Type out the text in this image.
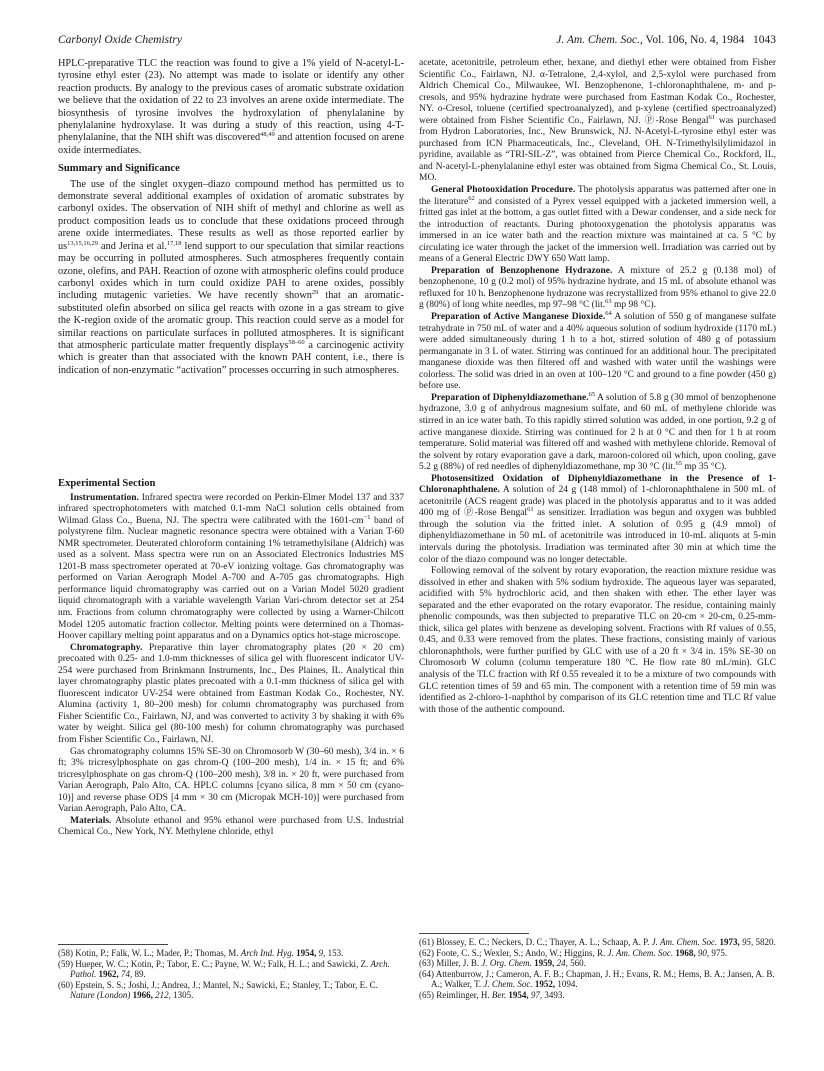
Carbonyl Oxide Chemistry	J. Am. Chem. Soc., Vol. 106, No. 4, 1984 1043

HPLC-preparative TLC the reaction was found to give a 1% yield of N-acetyl-L-tyrosine ethyl ester (23). No attempt was made to isolate or identify any other reaction products. By analogy to the previous cases of aromatic substrate oxidation we believe that the oxidation of 22 to 23 involves an arene oxide intermediate. The biosynthesis of tyrosine involves the hydroxylation of phenylalanine by phenylalanine hydroxylase. It was during a study of this reaction, using 4-T-phenylalanine, that the NIH shift was discovered$^{48,49}$ and attention focused on arene oxide intermediates.

Summary and Significance

The use of the singlet oxygen–diazo compound method has permitted us to demonstrate several additional examples of oxidation of aromatic substrates by carbonyl oxides. The observation of NIH shift of methyl and chlorine as well as product composition leads us to conclude that these oxidations proceed through arene oxide intermediates. These results as well as those reported earlier by us$^{13,15,16,29}$ and Jerina et al.$^{17,18}$ lend support to our speculation that similar reactions may be occurring in polluted atmospheres. Such atmospheres frequently contain ozone, olefins, and PAH. Reaction of ozone with atmospheric olefins could produce carbonyl oxides which in turn could oxidize PAH to arene oxides, possibly including mutagenic varieties. We have recently shown$^{29}$ that an aromatic-substituted olefin absorbed on silica gel reacts with ozone in a gas stream to give the K-region oxide of the aromatic group. This reaction could serve as a model for similar reactions on particulate surfaces in polluted atmospheres. It is significant that atmospheric particulate matter frequently displays$^{58-60}$ a carcinogenic activity which is greater than that associated with the known PAH content, i.e., there is indication of non-enzymatic “activation” processes occurring in such atmospheres.

Experimental Section

Instrumentation. Infrared spectra were recorded on Perkin-Elmer Model 137 and 337 infrared spectrophotometers with matched 0.1-mm NaCl solution cells obtained from Wilmad Glass Co., Buena, NJ. The spectra were calibrated with the $1601-cm^{-1}$ band of polystyrene film. Nuclear magnetic resonance spectra were obtained with a Varian T-60 NMR spectrometer. Deuterated chloroform containing 1% tetramethylsilane (Aldrich) was used as a solvent. Mass spectra were run on an Associated Electronics Industries MS 1201-B mass spectrometer operated at 70-eV ionizing voltage. Gas chromatography was performed on Varian Aerograph Model A-700 and A-705 gas chromatographs. High performance liquid chromatography was carried out on a Varian Model 5020 gradient liquid chromatograph with a variable wavelength Varian Vari-chrom detector set at 254 nm. Fractions from column chromatography were collected by using a Warner-Chilcott Model 1205 automatic fraction collector. Melting points were determined on a Thomas-Hoover capillary melting point apparatus and on a Dynamics optics hot-stage microscope.

Chromatography. Preparative thin layer chromatography plates (20 × 20 cm) precoated with 0.25- and 1.0-mm thicknesses of silica gel with fluorescent indicator UV-254 were purchased from Brinkmann Instruments, Inc., Des Plaines, IL. Analytical thin layer chromatography plastic plates precoated with a 0.1-mm thickness of silica gel with fluorescent indicator UV-254 were obtained from Eastman Kodak Co., Rochester, NY. Alumina (activity 1, 80–200 mesh) for column chromatography was purchased from Fisher Scientific Co., Fairlawn, NJ, and was converted to activity 3 by shaking it with 6% water by weight. Silica gel (80-100 mesh) for column chromatography was purchased from Fisher Scientific Co., Fairlawn, NJ.

Gas chromatography columns 15% SE-30 on Chromosorb W (30–60 mesh), 3/4 in. × 6 ft; 3% tricresylphosphate on gas chrom-Q (100–200 mesh), 1/4 in. × 15 ft; and 6% tricresylphosphate on gas chrom-Q (100–200 mesh), 3/8 in. × 20 ft, were purchased from Varian Aerograph, Palo Alto, CA. HPLC columns [cyano silica, 8 mm × 50 cm (cyano-10)] and reverse phase ODS [4 mm × 30 cm (Micropak MCH-10)] were purchased from Varian Aerograph, Palo Alto, CA.

Materials. Absolute ethanol and 95% ethanol were purchased from U.S. Industrial Chemical Co., New York, NY. Methylene chloride, ethyl

acetate, acetonitrile, petroleum ether, hexane, and diethyl ether were obtained from Fisher Scientific Co., Fairlawn, NJ. α-Tetralone, 2,4-xylol, and 2,5-xylol were purchased from Aldrich Chemical Co., Milwaukee, WI. Benzophenone, 1-chloronaphthalene, m- and p-cresols, and 95% hydrazine hydrate were purchased from Eastman Kodak Co., Rochester, NY. o-Cresol, toluene (certified spectroanalyzed), and p-xylene (certified spectroanalyzed) were obtained from Fisher Scientific Co., Fairlawn, NJ. ⓟ-Rose Bengal$^{61}$ was purchased from Hydron Laboratories, Inc., New Brunswick, NJ. N-Acetyl-L-tyrosine ethyl ester was purchased from ICN Pharmaceuticals, Inc., Cleveland, OH. N-Trimethylsilylimidazol in pyridine, available as “TRI-SIL-Z”, was obtained from Pierce Chemical Co., Rockford, IL, and N-acetyl-L-phenylalanine ethyl ester was obtained from Sigma Chemical Co., St. Louis, MO.

General Photooxidation Procedure. The photolysis apparatus was patterned after one in the literature$^{62}$ and consisted of a Pyrex vessel equipped with a jacketed immersion well, a fritted gas inlet at the bottom, a gas outlet fitted with a Dewar condenser, and a side neck for the introduction of reactants. During photooxygenation the photolysis apparatus was immersed in an ice water bath and the reaction mixture was maintained at ca. 5 °C by circulating ice water through the jacket of the immersion well. Irradiation was carried out by means of a General Electric DWY 650 Watt lamp.

Preparation of Benzophenone Hydrazone. A mixture of 25.2 g (0.138 mol) of benzophenone, 10 g (0.2 mol) of 95% hydrazine hydrate, and 15 mL of absolute ethanol was refluxed for 10 h. Benzophenone hydrazone was recrystallized from 95% ethanol to give 22.0 g (80%) of long white needles, mp 97–98 °C (lit.$^{63}$ mp 98 °C).

Preparation of Active Manganese Dioxide.$^{64}$ A solution of 550 g of manganese sulfate tetrahydrate in 750 mL of water and a 40% aqueous solution of sodium hydroxide (1170 mL) were added simultaneously during 1 h to a hot, stirred solution of 480 g of potassium permanganate in 3 L of water. Stirring was continued for an additional hour. The precipitated manganese dioxide was then filtered off and washed with water until the washings were colorless. The solid was dried in an oven at 100–120 °C and ground to a fine powder (450 g) before use.

Preparation of Diphenyldiazomethane.$^{65}$ A solution of 5.8 g (30 mmol of benzophenone hydrazone, 3.0 g of anhydrous magnesium sulfate, and 60 mL of methylene chloride was stirred in an ice water bath. To this rapidly stirred solution was added, in one portion, 9.2 g of active manganese dioxide. Stirring was continued for 2 h at 0 °C and then for 1 h at room temperature. Solid material was filtered off and washed with methylene chloride. Removal of the solvent by rotary evaporation gave a dark, maroon-colored oil which, upon cooling, gave 5.2 g (88%) of red needles of diphenyldiazomethane, mp 30 °C (lit.$^{65}$ mp 35 °C).

Photosensitized Oxidation of Diphenyldiazomethane in the Presence of 1-Chloronaphthalene. A solution of 24 g (148 mmol) of 1-chloronaphthalene in 500 mL of acetonitrile (ACS reagent grade) was placed in the photolysis apparatus and to it was added 400 mg of ⓟ-Rose Bengal$^{61}$ as sensitizer. Irradiation was begun and oxygen was bubbled through the solution via the fritted inlet. A solution of 0.95 g (4.9 mmol) of diphenyldiazomethane in 50 mL of acetonitrile was introduced in 10-mL aliquots at 5-min intervals during the photolysis. Irradiation was terminated after 30 min at which time the color of the diazo compound was no longer detectable.

Following removal of the solvent by rotary evaporation, the reaction mixture residue was dissolved in ether and shaken with 5% sodium hydroxide. The aqueous layer was separated, acidified with 5% hydrochloric acid, and then shaken with ether. The ether layer was separated and the ether evaporated on the rotary evaporator. The residue, containing mainly phenolic compounds, was then subjected to preparative TLC on 20-cm × 20-cm, 0.25-mm-thick, silica gel plates with benzene as developing solvent. Fractions with Rf values of 0.55, 0.45, and 0.33 were removed from the plates. These fractions, consisting mainly of various chloronaphthols, were further purified by GLC with use of a 20 ft × 3/4 in. 15% SE-30 on Chromosorb W column (column temperature 180 °C. He flow rate 80 mL/min). GLC analysis of the TLC fraction with Rf 0.55 revealed it to be a mixture of two compounds with GLC retention times of 59 and 65 min. The component with a retention time of 59 min was identified as 2-chloro-1-naphthol by comparison of its GLC retention time and TLC Rf value with those of the authentic compound.

(58) Kotin, P.; Falk, W. L.; Mader, P.; Thomas, M. Arch Ind. Hyg. 1954, 9, 153.

(59) Hueper, W. C.; Kotin, P.; Tabor, E. C.; Payne, W. W.; Falk, H. L.; and Sawicki, Z. Arch. Pathol. 1962, 74, 89.

(60) Epstein, S. S.; Joshi, J.; Andrea, J.; Mantel, N.; Sawicki, E.; Stanley, T.; Tabor, E. C. Nature (London) 1966, 212, 1305.

(61) Blossey, E. C.; Neckers, D. C.; Thayer, A. L.; Schaap, A. P. J. Am. Chem. Soc. 1973, 95, 5820.

(62) Foote, C. S.; Wexler, S.; Ando, W.; Higgins, R. J. Am. Chem. Soc. 1968, 90, 975.

(63) Miller, J. B. J. Org. Chem. 1959, 24, 560.

(64) Attenburrow, J.; Cameron, A. F. B.; Chapman, J. H.; Evans, R. M.; Hems, B. A.; Jansen, A. B. A.; Walker, T. J. Chem. Soc. 1952, 1094.

(65) Reimlinger, H. Ber. 1954, 97, 3493.
